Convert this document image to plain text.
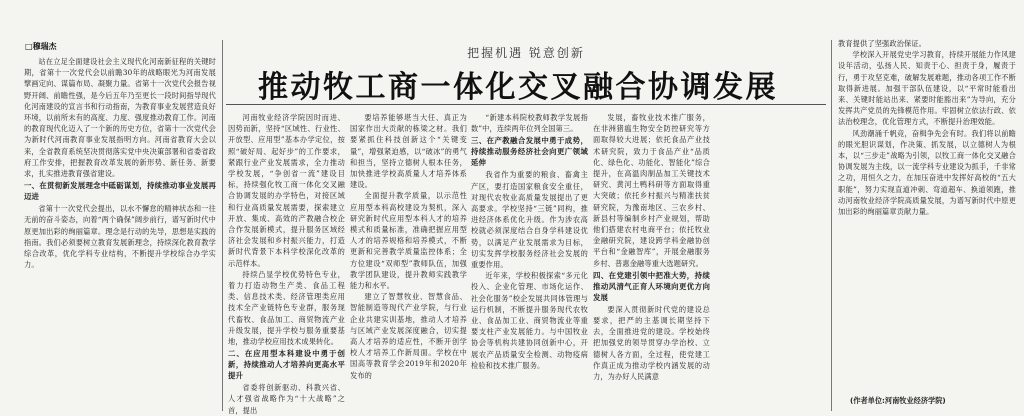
□穆瑞杰	把握机遇 锐意创新
推动牧工商一体化交叉融合协调发展

站在立足全面建设社会主义现代化河南新征程的关键时期，省第十一次党代会以前瞻30年的战略眼光为河南发展擘画定向、谋篇布局、凝聚力量。省第十一次党代会报告视野开阔、前瞻性强，是今后五年乃至更长一段时间指导现代化河南建设的宣言书和行动指南，为教育事业发展营造良好环境，以前所未有的高度、力度、强度推动教育工作。河南的教育现代化迈入了一个新的历史方位，省第十一次党代会为新时代河南教育事业发展指明方向。河南省教育大会以来，全省教育系统坚决贯彻落实党中央决策部署和省委省政府工作安排，把握教育改革发展的新形势、新任务、新要求，扎实推进教育强省建设。

一、在贯彻新发展理念中砥砺谋划，持续推动事业发展再迈进

省第十一次党代会提出，以水不懈怠的精神状态和一往无前的奋斗姿态，向着“两个确保”阔步前行，谱写新时代中原更加出彩的绚丽篇章。理念是行动的先导，思想是实践的指南。我们必须要树立教育发展新理念，持续深化教育教学综合改革，优化学科专业结构，不断提升学校综合办学实力。

河南牧业经济学院因时而进、因势而新，坚持“区域性、行业性、开放型、应用型”基本办学定位，按照“破好局、起好步”的工作要求，紧跟行业产业发展需求，全力推动学校发展，“争创省一流”建设目标，持续强化牧工商一体化交叉融合协调发展的办学特色，对接区域和行业高质量发展需要，探索建立开放、集成、高效的产教融合校企合作发展新模式，提升服务区域经济社会发展和乡村振兴能力，打造新时代背景下本科学校深化改革的示范样本。

持续凸显学校优势特色专业，着力打造动物生产类、食品工程类、信息技术类、经济管理类应用技术全产业链特色专业群，服务现代畜牧、食品加工、商贸物流产业升级发展，提升学校与服务重要基地，推动学校应用技术成果转化。

二、在应用型本科建设中勇于创新，持续推动人才培养向更高水平提升

省委将创新驱动、科教兴省、人才强省战略作为“十大战略”之首，提出

要培养能够堪当大任、真正为国家作出大贡献的栋梁之材。我们要紧抓住科技创新这个“关键变量”，增强紧迫感，以“破冰”的勇气和担当，坚持立德树人根本任务，加快推进学校高质量人才培养体系建设。

全面提升教学质量，以示范性应用型本科高校建设为契机，深入研究新时代应用型本科人才的培养模式和质量标准，准确把握应用型人才的培养规格和培养模式，不断更新和完善教学质量监控体系；全方位建设“双师型”教师队伍，加强教学团队建设，提升教师实践教学能力和水平。

建立了智慧牧业、智慧食品、智能制造等现代产业学院，与行业企业共建实训基地，推动人才培养与区域产业发展深度融合，切实提高人才培养的适应性，不断开创学校人才培养工作新局面。学校在中国高等教育学会2019年和2020年发布的

“新建本科院校教师教学发展指数”中，连续两年位列全国第三。

三、在产教融合发展中勇于成势，持续推动服务经济社会向更广领域延伸

我省作为重要的粮食、畜禽主产区，要打造国家粮食安全重任，对现代农牧业高质量发展提出了更高要求。学校坚持“三链”同构，推进经济体系优化升级。作为涉农高校就必须深度结合自身学科建设优势，以满足产业发展需求为目标，切实发挥学校服务经济社会发展的重要作用。

近年来，学校积极探索“多元化投入、企业化管理、市场化运作、社会化服务”校企发展共同体管理与运行机制，不断提升服务现代农牧业、食品加工业、商贸物流业等重要支柱产业发展能力。与中国牧业协会等机构共建协同创新中心，开展农产品质量安全检测、动物疫病检验和技术推广服务。

发展，畜牧业技术推广服务，在非洲猪瘟生物安全防控研究等方面取得较大进展；依托食品产业技术研究院，致力于食品产业“品质化、绿色化、功能化、智能化”综合提升，在高温肉制品加工关键技术研究、黄河土鸭科研等方面取得重大突破；依托乡村振兴与精准扶贫研究院，为豫南地区、三农乡村、新县村等编制乡村产业规划，帮助他们搭建农村电商平台；依托牧业金融研究院，建设跨学科金融协创平台和“金融智库”，开展金融服务乡村、普惠金融等重大选题研究。

四、在党建引领中把准大势，持续推动风清气正育人环境向更优方向发展

要深入贯彻新时代党的建设总要求，把严的主基调长期坚持下去，全面推进党的建设。学校始终把加强党的领导贯穿办学治校、立德树人各方面，全过程，使党建工作真正成为推动学校内涵发展的动力，为办好人民满意

教育提供了坚强政治保证。

学校深入开展党史学习教育，持续开展能力作风建设年活动，弘扬人民、知责于心、担责于身，履责于行，勇于攻坚克难，破解发展难题，推动各项工作不断取得新进展。加强干部队伍建设，以“平常时能看出来、关键时能站出来、紧要时能豁出来”为导向，充分发挥共产党员的先锋模范作用。牢固树立依法行政、依法治校理念，优化管理方式，不断提升治理效能。

风劲潮涌千帆竞，奋楫争先会有时。我们将以前瞻的眼光胆识谋划，作决策、抓发展，以立德树人为根本，以“三步走”战略为引领，以牧工商一体化交叉融合协调发展为主线，以一流学科专业建设为抓手，千非常之功，用恒久之力，在加压奋进中发挥好高校的“五大职能”，努力实现直道冲刺、弯道超车、换道领跑，推动河南牧业经济学院高质量发展，为谱写新时代中原更加出彩的绚丽篇章贡献力量。

(作者单位:河南牧业经济学院)
